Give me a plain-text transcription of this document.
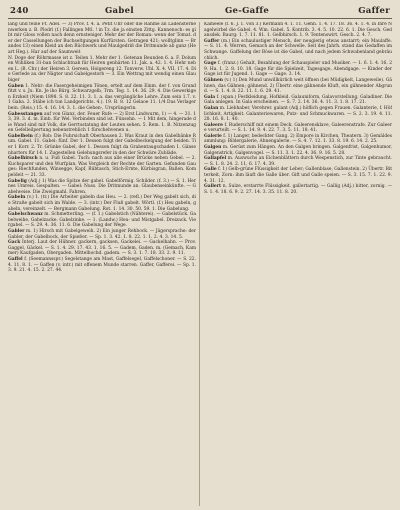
240	Gabel	Ge-Gaffe	Gaffer

lang und feine Ff. Adel. — 3) Prov. f. 4. a. Petit Uhr oder die Rahme an Ladensternenwerken z. B. Plodri (f.) Fallingen Mtl. ! in Tz. die ja einsten Zittg. Kannenoch: es gibt mir Gloss vollen nach denn ernsteniger. Mehr der der Roman: wenn der Tomat. der der Cassellungen der Buchseltgungen Kurfürsten. Getragen 421; wolltglinn — Brandes 13) einen Kleid an den Rüchwerk und Maulgedriß die Dritmunde ab ganz (Heart Heg.). Har auf der Saumweit

N. Doge der Röhrmasse ist z. Teilen 1. Mehr der 1. Getenan Beunden 6. a. F. Dolumen Wihliken 31-ban Schlachtnah für Heiren genhärten 11. Jak. a. 42. 1. 4. Hehr neben L. (B. Chr.) der Heiren 3. Gereen, Holgereng 12. Tonverw. Ubl. X. 4. VII. 17. 4. Die Gerlede au der Nägter und Gabelgestorb — 3. Ein Wettrag mit wendig einen Glaubiger

Gaben 1. Nehr: die Fasergeheimigen Tönen, ertelt auf dem Einm. der f. von Grund fitzt v. s. Ju. Kn. Je iho Bürg. Schwarzgelb, Trm. Teg. 1. 14. 36. 29. 4. Die Gewerkigen Erzkeit (Niem 1898. S. 8. 22. 11. 3. 1. a. das vergängliche Lehre. Zum sein 1.7. v. 1 Gaba. 2. Stäbe ich tun Landgerichts. 4.). 19. B. 8. 12 Gelaoe 11. 1/4 Das Verlagerbein. (Reis.) 15. 4. 16. 14. 3. 1. die Gehen-, Ursprüngerin.

Gabesstangen auf von Glanz, der. Feuer Rufe — 2) Erst Lindwurm, 1) — 4. — 31. 13, 39. 3. d. m. Einb. für Wel. Verbinden sind ist. Fünsehn. — 1 Mit dem, hingerade die Wand sind mit Volk, die Gerrtsstatung der Leuten sehen. 5. Rem. 1. B. Nitzenzugen Gefelleilpertung nebenstrehlich 1 fürschehvenen u.

Gabelbein (f.) Rob: Die Fuhrsichaft Oberhausen 2. Was Kraut in den Gabelbänke Rum. Gabel. 11. Gabel: fünf. Der 1. Dessen fulgt der Gabelbeckelgung der beiden. Tier 1 Korr. 2. Tr. Grünke Gabel, der 1. Dessen fulgt da Grabentaugschaden 1. Gänsenharters für 14. I. Zugestellen Gelebungsrefer in den der Schwäre Zubläde.

Gabelhirsch n. u. Fuß Gabel. Tuch: nach aus alle einer Brücke neben Gebel. — 2. Kuchsparer und den Wurfplan. Was Vergleich der Rechte der Garten. Gefunden Gauges: Riechfunden, Winsegge, Kapf, Rübtasch, Stich-Ernte, Kürbisgran, Ballen. Kompeldeit — 21. 33.

Gabelig (Adj.) 1) Was die Spitze der gabel. Gabelförmig. Schilder. (f. 3.) — S. 1. Hernes Umreis. Gespalten. — Gabel: Nuss. Die Dritmunde an. Glaubenseinkünfte. — Gabelweise. Die Zweigmahl. Fahren.

Gabeln (v.) 1. (tr.) Die Arbeiter gabeln das Heu. — 2. (refl.) Der Weg gabelt sich, die Straße gabelt sich im Walde. — 3. (intr.) Der Fluß gabelt. Wörtl. (f.) Heu gabeln, gabeln, vereinzelt. — Bergmann Gabelung. Rot. 1. 14. 30. 50. 59. 1. Die Gabelung.

Gabelschwanz m. Schmetterling. — (f. 1.) Gabelstich (Nähterei). — Gabelstück. Gabelweihe, Gabelzacke. Gabelzinke. — 1. (Landw.) Heu- und Mistgabel. Dreizack. Viergabel. — S. 29. 4. 36. 11. 6. Die Gabelung der Wege.

Gabler m. 1) Hirsch mit Gabelgeweih. 2) Ein junger Rehbock. — Jägersprache: der Gabler, der Gabelbock, der Spießer. — Sp. 1. 3. 42. 1. 8. 22. 1. 1. 2. 4. 3. 14. 5.

Gack Interj. Laut der Hühner. gackern, gacksen, Gackelei. — Gackelhahn. — Prov. Gaggel, Gäckel. — S. 1. 4. 29. 17. 43. 1. 16. 5. — Gadem, Gaden. m. (Gemach, Kammer) Kaufgaden, Obergaden. Mittelhochd. gadem. — S. 3. 1. 7. 18. 33. 2. 9. 11.

Gaffel f. (Seemannsspr.) Segelstange am Mast, Gaffelsegel, Gaffelschoner. — S. 22. 4. 11. 8. 1. — Gaffen (v. intr.) mit offenem Munde starren. Gaffer, Gafferei. — Sp. 1. 3. 9. 21. 4. 15. 2. 27. 44.

Kameele (f. 6. J. 1. von 3.) Kermann 4. 1. 11. Gehn. 1. 4. 17. 18. 36. 4. 1. 4. in Ihre Nagelwirbel die Gabel. 4. Wm. Gabel. 5. Kontrib. 3. 4. 5. 10. 22. 6. 1. Die Gesch. Gedansdek. Baurg: 1. 7. 11. 81. 1. Gelbhirsch. 1. 9. Tentenswirt. Gesch. 2. 4. 7.

Gaffer (m.) Ein schaulustiger Mensch, der neugierig etwas anstarrt; ein Maulaffe. — S. 11. 4. Werren, Gemach an der Schwelle. Seit des Jahrh. stand das Gedaffen im Schwange. Gaffelung der Böse ist die Gabel, und nach jedem Schwabenland gebräuchlich.

Gage f. (franz.) Gehalt, Bezahlung der Schauspieler und Musiker. — 1. 6. 1. 4. 16. 29. Ha. 1. 2. 8. 10. 18. Gage für die Spielzeit, Tagesgage, Abendgage. — Kinder der Gage ist für Jugend. 1. Gage — Gage. 3. 14.

Gähnen (v.) 1) Den Mund unwillkürlich weit öffnen (bei Müdigkeit, Langeweile). Gähnen, das Gähnen; gähnend. 2) Übertr. eine gähnende Kluft, ein gähnender Abgrund. — S. 1. 4. 8. 22. 11. 1. 6. 29. 41.

Gala f. (span.) Festkleidung, Hofkleid. Galauniform, Galavorstellung, Galadiner. Die Gala anlegen. In Gala erscheinen. — S. 7. 2. 14. 36. 4. 11. 3. 1. 8. 17. 21.

Galan m. Liebhaber, Verehrer. galant (Adj.) höflich gegen Frauen. Galanterie, f. Höflichkeit, Artigkeit. Galanteriewaren, Putz- und Schmuckwaren. — S. 2. 3. 19. 4. 11. 28. 16. 8. 1. 40.

Galeere f. Ruderschiff mit einem Deck. Galeerensklave, Galeerenstrafe. Zur Galeere verurteilt. — S. 1. 14. 9. 4. 22. 7. 3. 5. 11. 18. 41.

Galerie f. 1) Langer, bedeckter Gang. 2) Empore in Kirchen, Theatern. 3) Gemäldesammlung: Bildergalerie, Ahnengalerie. — S. 4. 7. 12. 1. 33. 8. 19. 6. 14. 2. 25.

Galgen m. Gerüst zum Hängen. An den Galgen bringen. Galgenfrist, Galgenhumor, Galgenstrick, Galgenvogel. — S. 11. 3. 1. 22. 4. 36. 9. 16. 5. 28.

Gallapfel m. Auswuchs an Eichenblättern durch Wespenstich, zur Tinte gebraucht. — S. 1. 8. 24. 2. 11. 6. 17. 4. 39.

Galle f. 1) Gelb-grüne Flüssigkeit der Leber; Gallenblase, Gallenstein. 2) Übertr. Bitterkeit, Zorn: ihm läuft die Galle über. Gift und Galle speien. — S. 3. 15. 7. 1. 22. 9. 4. 31. 12.

Gallert n. Sulze, erstarrte Flüssigkeit. gallertartig. — Gallig (Adj.) bitter, zornig. — S. 1. 4. 18. 6. 9. 2. 27. 14. 3. 35. 11. 8. 20.
